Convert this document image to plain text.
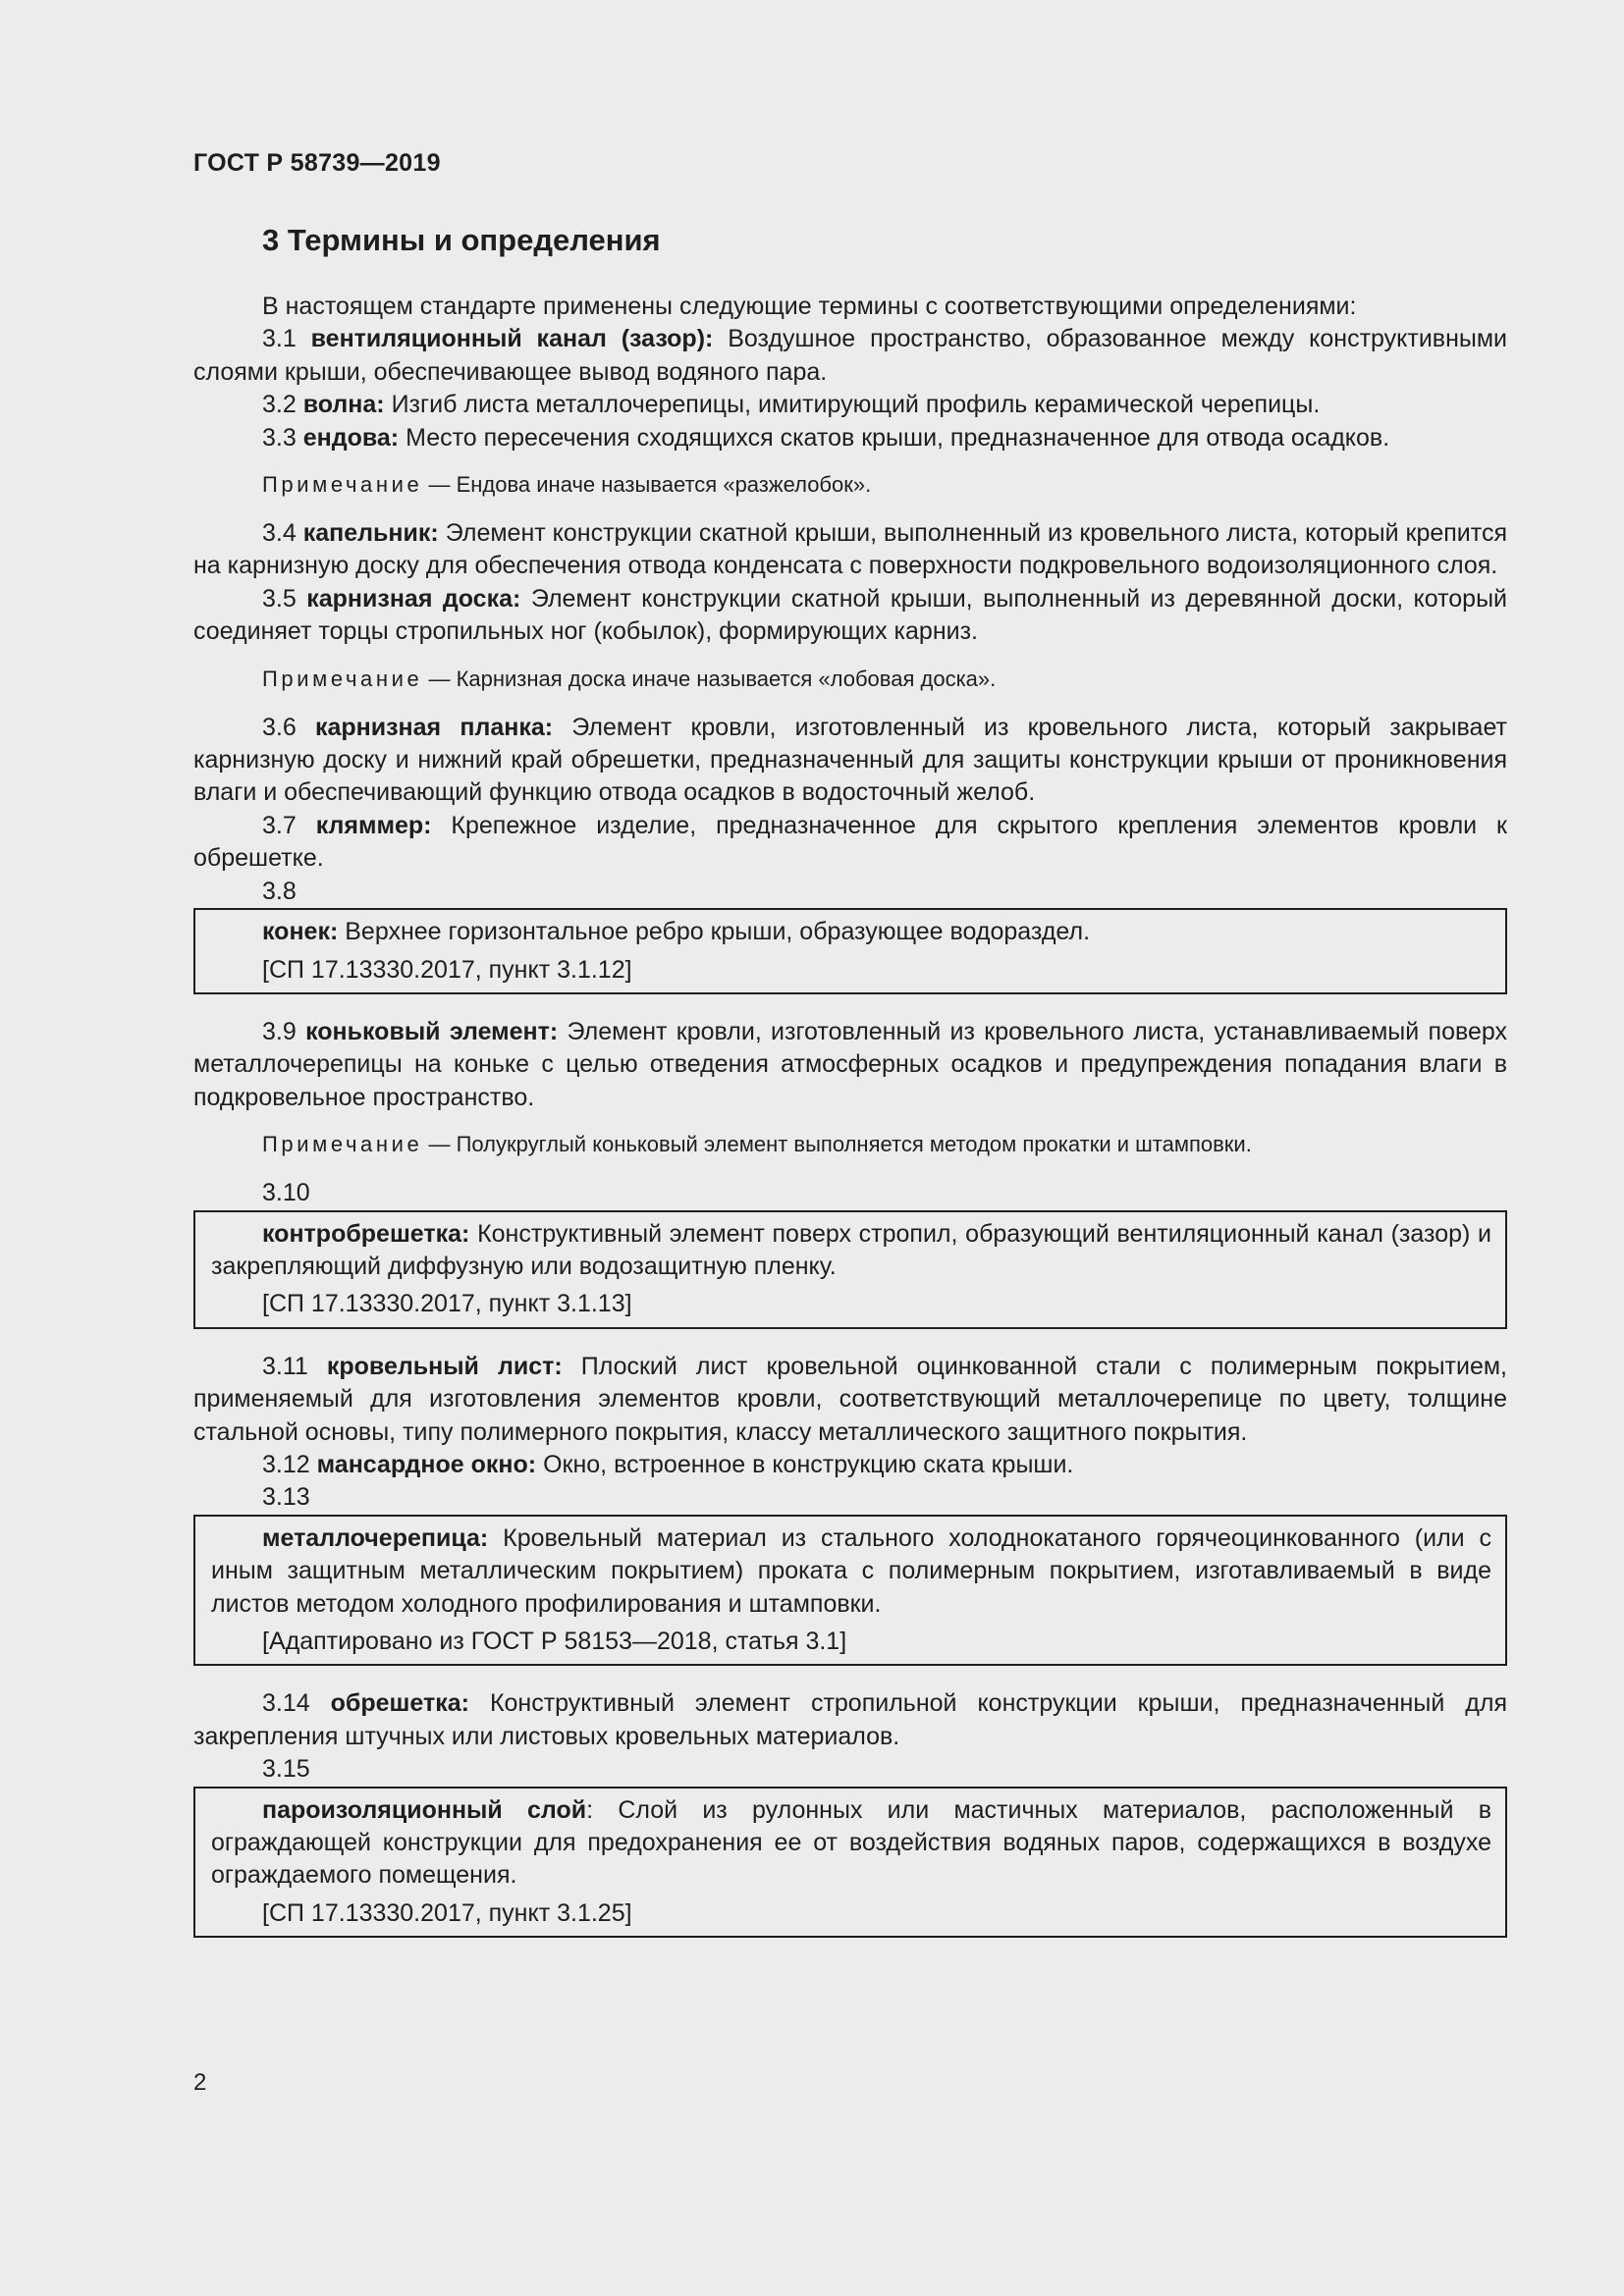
ГОСТ Р 58739—2019
3 Термины и определения
В настоящем стандарте применены следующие термины с соответствующими определениями:
3.1 вентиляционный канал (зазор): Воздушное пространство, образованное между конструктивными слоями крыши, обеспечивающее вывод водяного пара.
3.2 волна: Изгиб листа металлочерепицы, имитирующий профиль керамической черепицы.
3.3 ендова: Место пересечения сходящихся скатов крыши, предназначенное для отвода осадков.
Примечание — Ендова иначе называется «разжелобок».
3.4 капельник: Элемент конструкции скатной крыши, выполненный из кровельного листа, который крепится на карнизную доску для обеспечения отвода конденсата с поверхности подкровельного водоизоляционного слоя.
3.5 карнизная доска: Элемент конструкции скатной крыши, выполненный из деревянной доски, который соединяет торцы стропильных ног (кобылок), формирующих карниз.
Примечание — Карнизная доска иначе называется «лобовая доска».
3.6 карнизная планка: Элемент кровли, изготовленный из кровельного листа, который закрывает карнизную доску и нижний край обрешетки, предназначенный для защиты конструкции крыши от проникновения влаги и обеспечивающий функцию отвода осадков в водосточный желоб.
3.7 кляммер: Крепежное изделие, предназначенное для скрытого крепления элементов кровли к обрешетке.
3.8
конек: Верхнее горизонтальное ребро крыши, образующее водораздел.
[СП 17.13330.2017, пункт 3.1.12]
3.9 коньковый элемент: Элемент кровли, изготовленный из кровельного листа, устанавливаемый поверх металлочерепицы на коньке с целью отведения атмосферных осадков и предупреждения попадания влаги в подкровельное пространство.
Примечание — Полукруглый коньковый элемент выполняется методом прокатки и штамповки.
3.10
контробрешетка: Конструктивный элемент поверх стропил, образующий вентиляционный канал (зазор) и закрепляющий диффузную или водозащитную пленку.
[СП 17.13330.2017, пункт 3.1.13]
3.11 кровельный лист: Плоский лист кровельной оцинкованной стали с полимерным покрытием, применяемый для изготовления элементов кровли, соответствующий металлочерепице по цвету, толщине стальной основы, типу полимерного покрытия, классу металлического защитного покрытия.
3.12 мансардное окно: Окно, встроенное в конструкцию ската крыши.
3.13
металлочерепица: Кровельный материал из стального холоднокатаного горячеоцинкованного (или с иным защитным металлическим покрытием) проката с полимерным покрытием, изготавливаемый в виде листов методом холодного профилирования и штамповки.
[Адаптировано из ГОСТ Р 58153—2018, статья 3.1]
3.14 обрешетка: Конструктивный элемент стропильной конструкции крыши, предназначенный для закрепления штучных или листовых кровельных материалов.
3.15
пароизоляционный слой: Слой из рулонных или мастичных материалов, расположенный в ограждающей конструкции для предохранения ее от воздействия водяных паров, содержащихся в воздухе ограждаемого помещения.
[СП 17.13330.2017, пункт 3.1.25]
2
